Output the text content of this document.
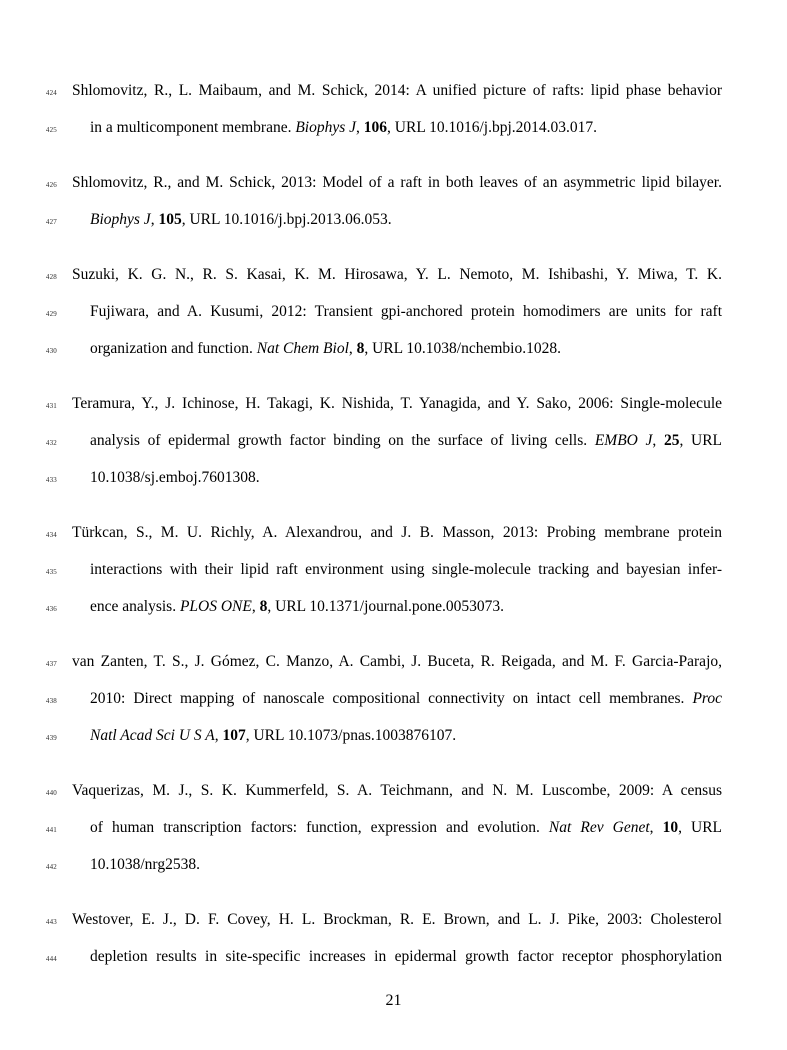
424 Shlomovitz, R., L. Maibaum, and M. Schick, 2014: A unified picture of rafts: lipid phase behavior
425 in a multicomponent membrane. Biophys J, 106, URL 10.1016/j.bpj.2014.03.017.
426 Shlomovitz, R., and M. Schick, 2013: Model of a raft in both leaves of an asymmetric lipid bilayer.
427 Biophys J, 105, URL 10.1016/j.bpj.2013.06.053.
428 Suzuki, K. G. N., R. S. Kasai, K. M. Hirosawa, Y. L. Nemoto, M. Ishibashi, Y. Miwa, T. K.
429 Fujiwara, and A. Kusumi, 2012: Transient gpi-anchored protein homodimers are units for raft
430 organization and function. Nat Chem Biol, 8, URL 10.1038/nchembio.1028.
431 Teramura, Y., J. Ichinose, H. Takagi, K. Nishida, T. Yanagida, and Y. Sako, 2006: Single-molecule
432 analysis of epidermal growth factor binding on the surface of living cells. EMBO J, 25, URL
433 10.1038/sj.emboj.7601308.
434 Türkcan, S., M. U. Richly, A. Alexandrou, and J. B. Masson, 2013: Probing membrane protein
435 interactions with their lipid raft environment using single-molecule tracking and bayesian infer-
436 ence analysis. PLOS ONE, 8, URL 10.1371/journal.pone.0053073.
437 van Zanten, T. S., J. Gómez, C. Manzo, A. Cambi, J. Buceta, R. Reigada, and M. F. Garcia-Parajo,
438 2010: Direct mapping of nanoscale compositional connectivity on intact cell membranes. Proc
439 Natl Acad Sci U S A, 107, URL 10.1073/pnas.1003876107.
440 Vaquerizas, M. J., S. K. Kummerfeld, S. A. Teichmann, and N. M. Luscombe, 2009: A census
441 of human transcription factors: function, expression and evolution. Nat Rev Genet, 10, URL
442 10.1038/nrg2538.
443 Westover, E. J., D. F. Covey, H. L. Brockman, R. E. Brown, and L. J. Pike, 2003: Cholesterol
444 depletion results in site-specific increases in epidermal growth factor receptor phosphorylation
21
